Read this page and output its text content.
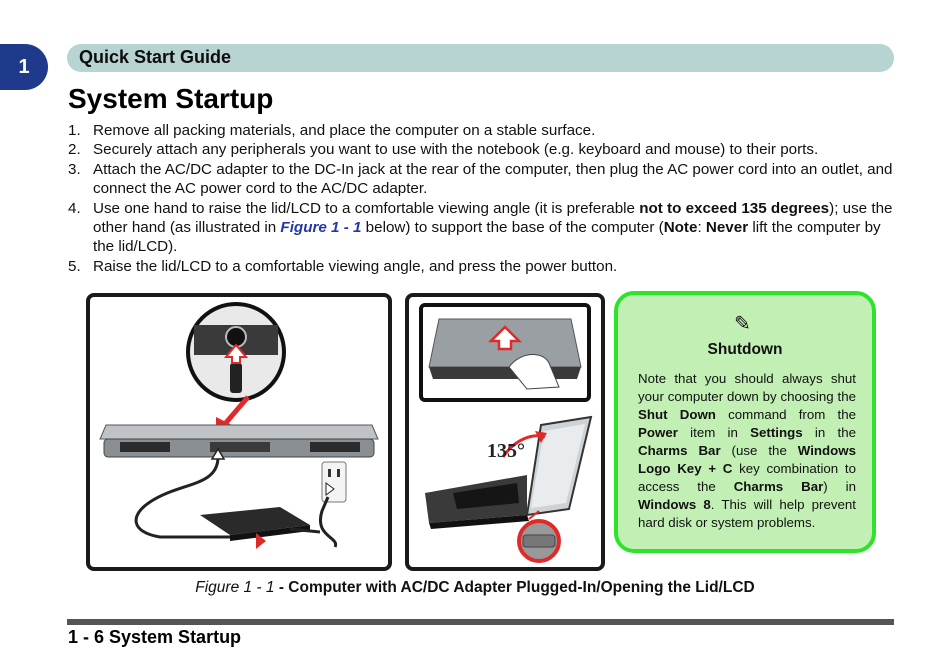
1	Quick Start Guide
System Startup
1. Remove all packing materials, and place the computer on a stable surface.
2. Securely attach any peripherals you want to use with the notebook (e.g. keyboard and mouse) to their ports.
3. Attach the AC/DC adapter to the DC-In jack at the rear of the computer, then plug the AC power cord into an outlet, and connect the AC power cord to the AC/DC adapter.
4. Use one hand to raise the lid/LCD to a comfortable viewing angle (it is preferable not to exceed 135 degrees); use the other hand (as illustrated in Figure 1 - 1 below) to support the base of the computer (Note: Never lift the computer by the lid/LCD).
5. Raise the lid/LCD to a comfortable viewing angle, and press the power button.
135°
✎
Shutdown
Note that you should always shut your computer down by choosing the Shut Down command from the Power item in Settings in the Charms Bar (use the Windows Logo Key + C key combination to access the Charms Bar) in Windows 8. This will help prevent hard disk or system problems.
Figure 1 - 1 - Computer with AC/DC Adapter Plugged-In/Opening the Lid/LCD
1 - 6 System Startup
